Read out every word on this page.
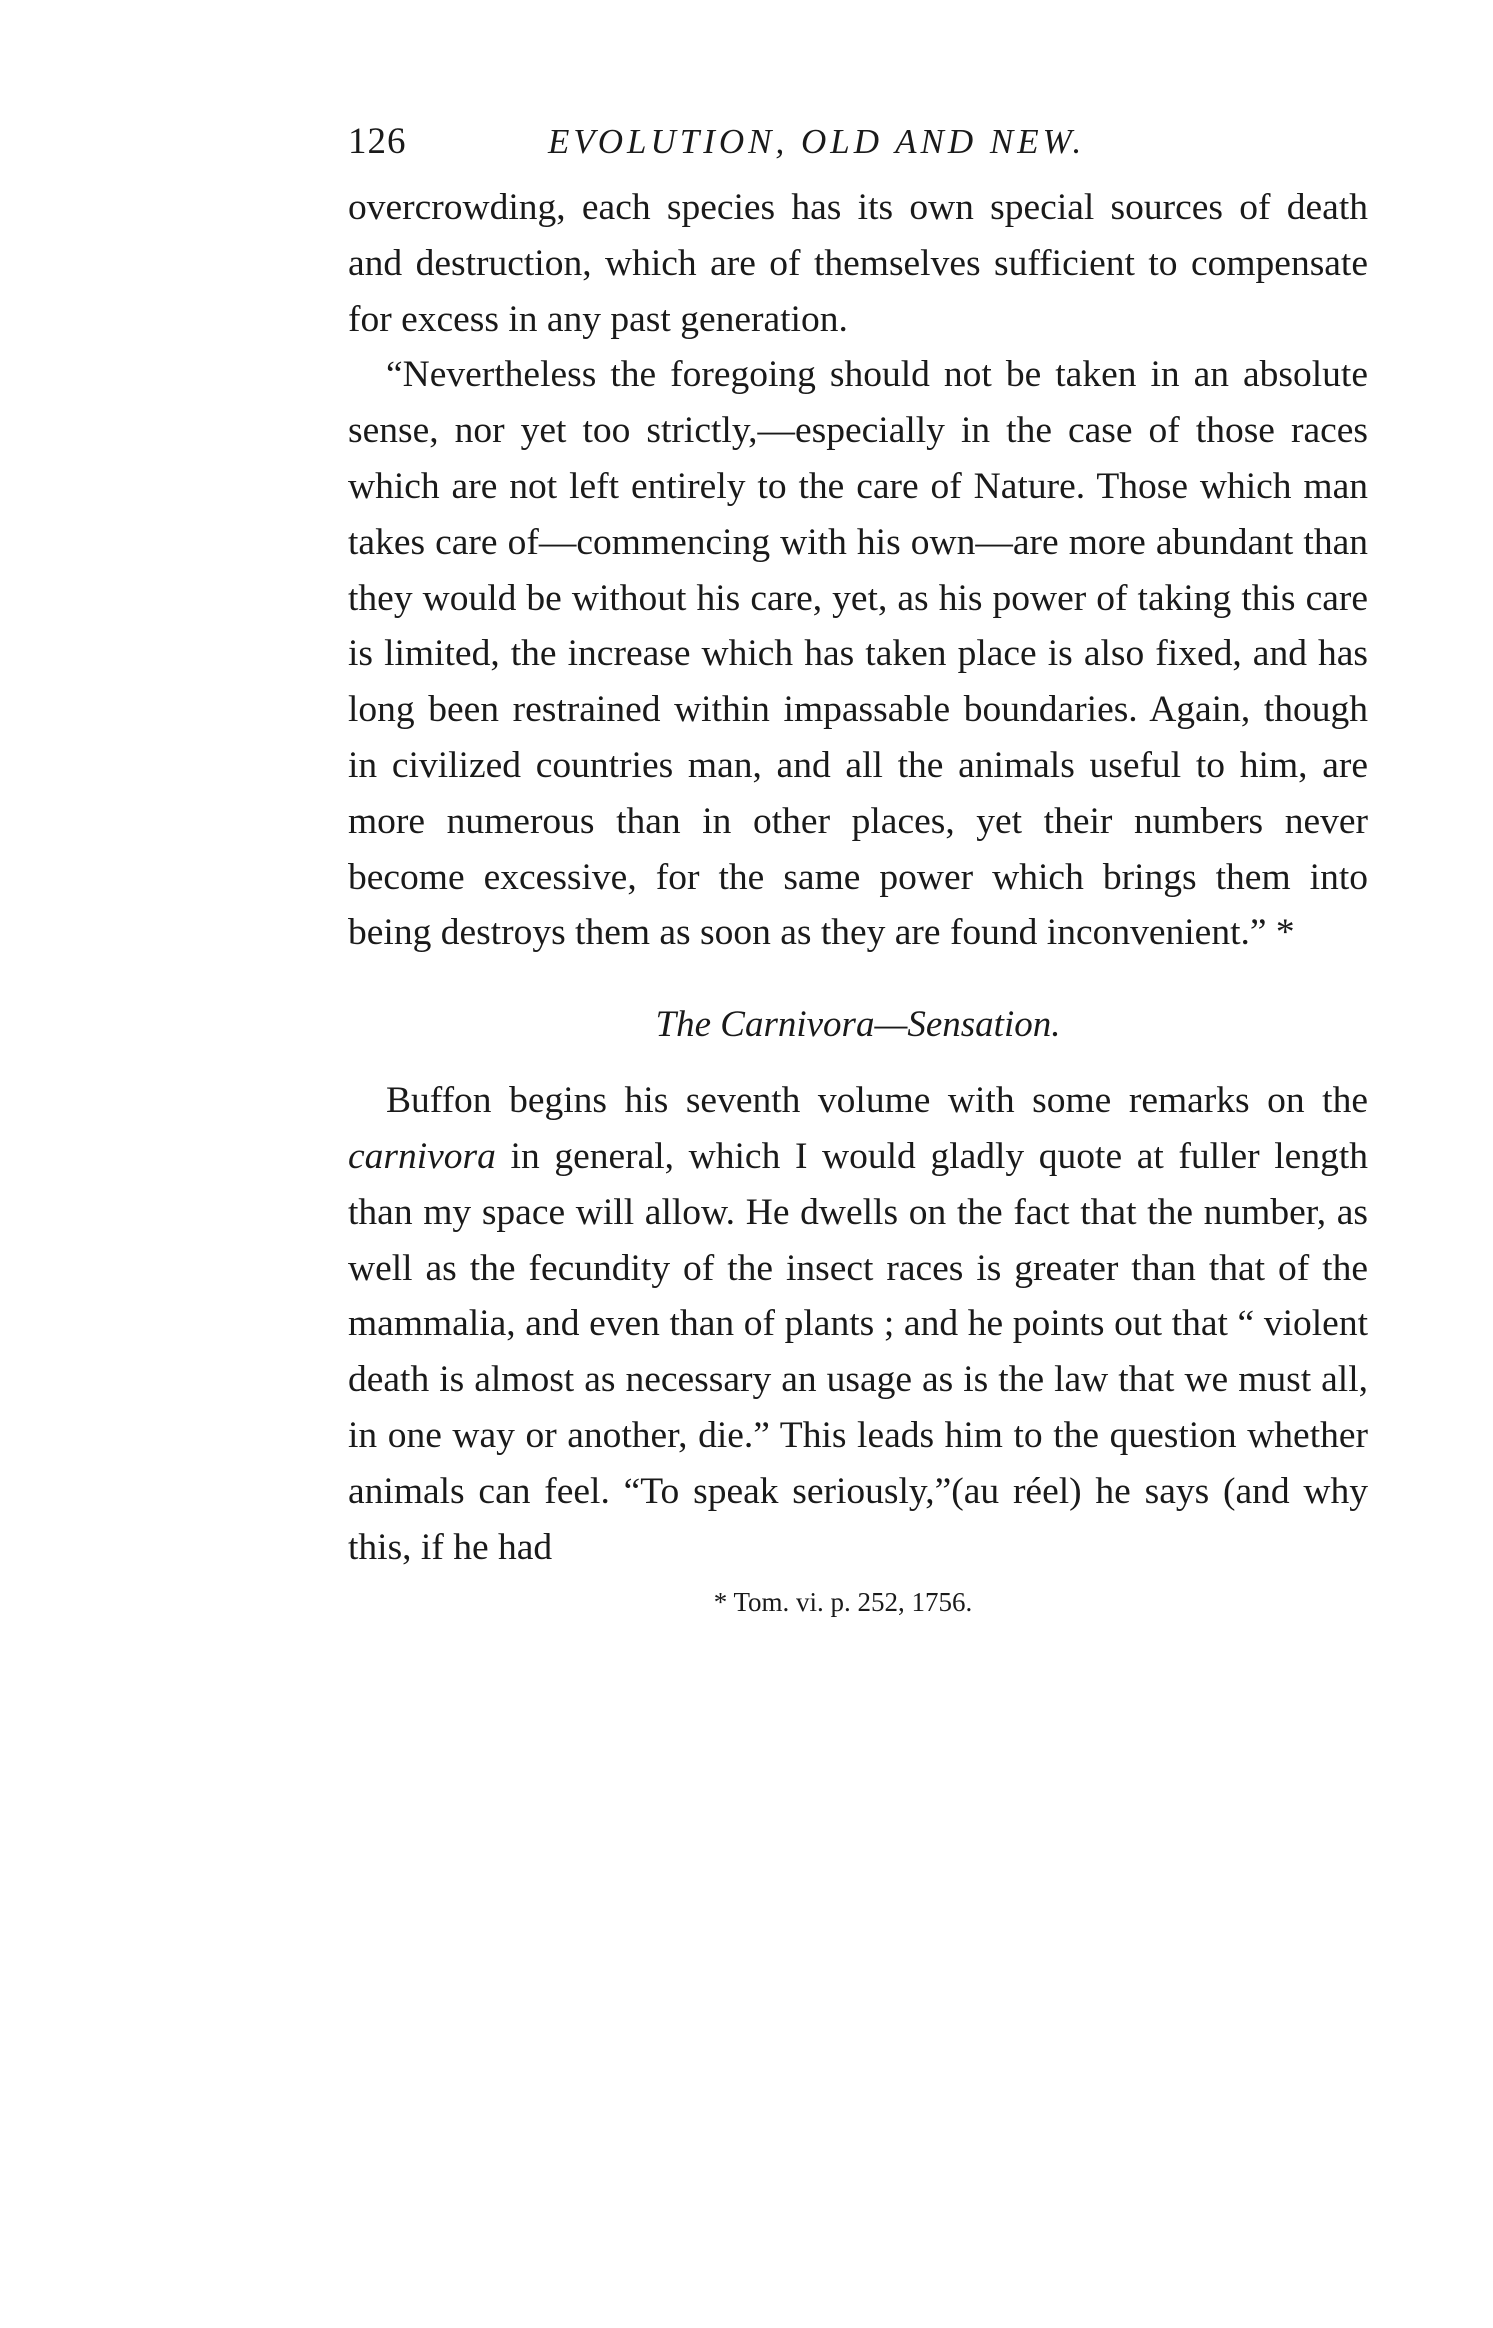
126	EVOLUTION, OLD AND NEW.

overcrowding, each species has its own special sources of death and destruction, which are of themselves sufficient to compensate for excess in any past generation.

“Nevertheless the foregoing should not be taken in an absolute sense, nor yet too strictly,—especially in the case of those races which are not left entirely to the care of Nature. Those which man takes care of—commencing with his own—are more abundant than they would be without his care, yet, as his power of taking this care is limited, the increase which has taken place is also fixed, and has long been restrained within impassable boundaries. Again, though in civilized countries man, and all the animals useful to him, are more numerous than in other places, yet their numbers never become excessive, for the same power which brings them into being destroys them as soon as they are found inconvenient.” *

The Carnivora—Sensation.

Buffon begins his seventh volume with some remarks on the carnivora in general, which I would gladly quote at fuller length than my space will allow. He dwells on the fact that the number, as well as the fecundity of the insect races is greater than that of the mammalia, and even than of plants ; and he points out that “ violent death is almost as necessary an usage as is the law that we must all, in one way or another, die.” This leads him to the question whether animals can feel. “To speak seriously,”(au réel) he says (and why this, if he had

* Tom. vi. p. 252, 1756.
